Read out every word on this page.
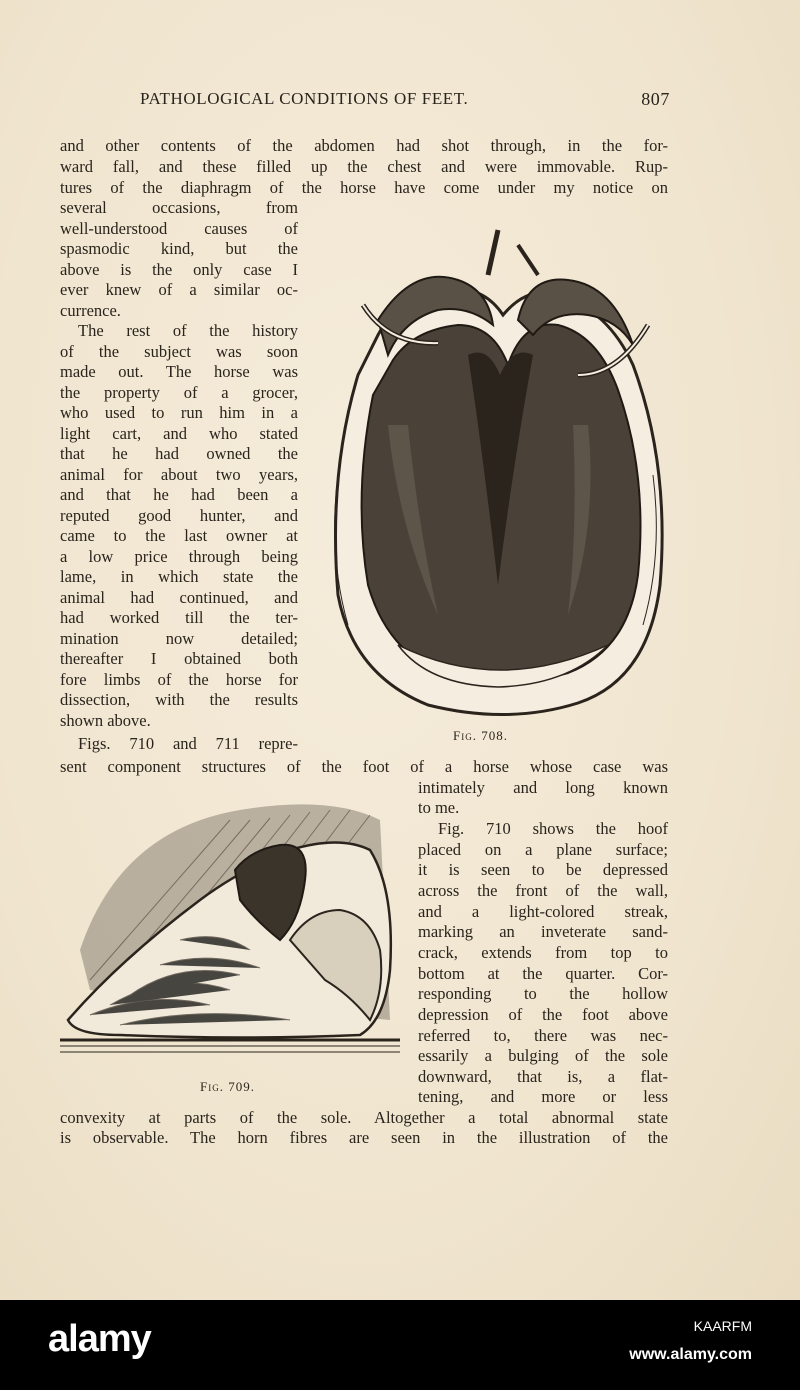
PATHOLOGICAL CONDITIONS OF FEET.	807
and other contents of the abdomen had shot through, in the for-
ward fall, and these filled up the chest and were immovable. Rup-
tures of the diaphragm of the horse have come under my notice on
several occasions, from
well-understood causes of
spasmodic kind, but the
above is the only case I
ever knew of a similar oc-
currence.
The rest of the history
of the subject was soon
made out. The horse was
the property of a grocer,
who used to run him in a
light cart, and who stated
that he had owned the
animal for about two years,
and that he had been a
reputed good hunter, and
came to the last owner at
a low price through being
lame, in which state the
animal had continued, and
had worked till the ter-
mination now detailed;
thereafter I obtained both
fore limbs of the horse for
dissection, with the results
shown above.
Figs. 710 and 711 repre-	Fig. 708.
sent component structures of the foot of a horse whose case was
intimately and long known
to me.
Fig. 710 shows the hoof
placed on a plane surface;
it is seen to be depressed
across the front of the wall,
and a light-colored streak,
marking an inveterate sand-
crack, extends from top to
bottom at the quarter. Cor-
responding to the hollow
depression of the foot above
referred to, there was nec-
essarily a bulging of the sole
downward, that is, a flat-
tening, and more or less
Fig. 709.
convexity at parts of the sole. Altogether a total abnormal state
is observable. The horn fibres are seen in the illustration of the
alamy	KAARFM
www.alamy.com
